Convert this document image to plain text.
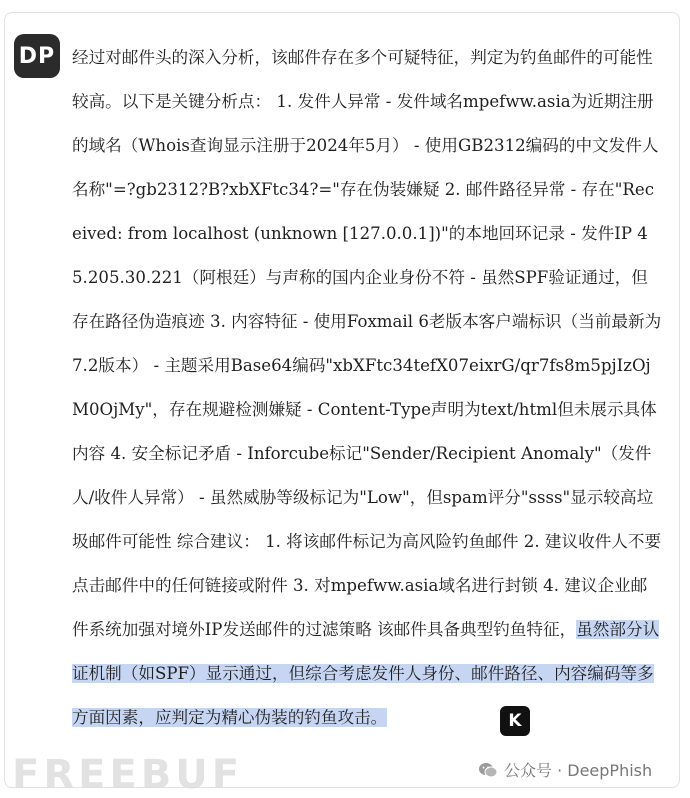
DP 经过对邮件头的深入分析，该邮件存在多个可疑特征，判定为钓鱼邮件的可能性较高。以下是关键分析点： 1. 发件人异常 - 发件域名mpefww.asia为近期注册的域名（Whois查询显示注册于2024年5月） - 使用GB2312编码的中文发件人名称"=?gb2312?B?xbXFtc34?="存在伪装嫌疑 2. 邮件路径异常 - 存在"Received: from localhost (unknown [127.0.0.1])"的本地回环记录 - 发件IP 45.205.30.221（阿根廷）与声称的国内企业身份不符 - 虽然SPF验证通过，但存在路径伪造痕迹 3. 内容特征 - 使用Foxmail 6老版本客户端标识（当前最新为7.2版本） - 主题采用Base64编码"xbXFtc34tefX07eixrG/qr7fs8m5pjIzOjM0OjMy"，存在规避检测嫌疑 - Content-Type声明为text/html但未展示具体内容 4. 安全标记矛盾 - Inforcube标记"Sender/Recipient Anomaly"（发件人/收件人异常） - 虽然威胁等级标记为"Low"，但spam评分"ssss"显示较高垃圾邮件可能性 综合建议： 1. 将该邮件标记为高风险钓鱼邮件 2. 建议收件人不要点击邮件中的任何链接或附件 3. 对mpefww.asia域名进行封锁 4. 建议企业邮件系统加强对境外IP发送邮件的过滤策略 该邮件具备典型钓鱼特征，虽然部分认证机制（如SPF）显示通过，但综合考虑发件人身份、邮件路径、内容编码等多方面因素，应判定为精心伪装的钓鱼攻击。	K
FREEBUF	公众号 · DeepPhish
